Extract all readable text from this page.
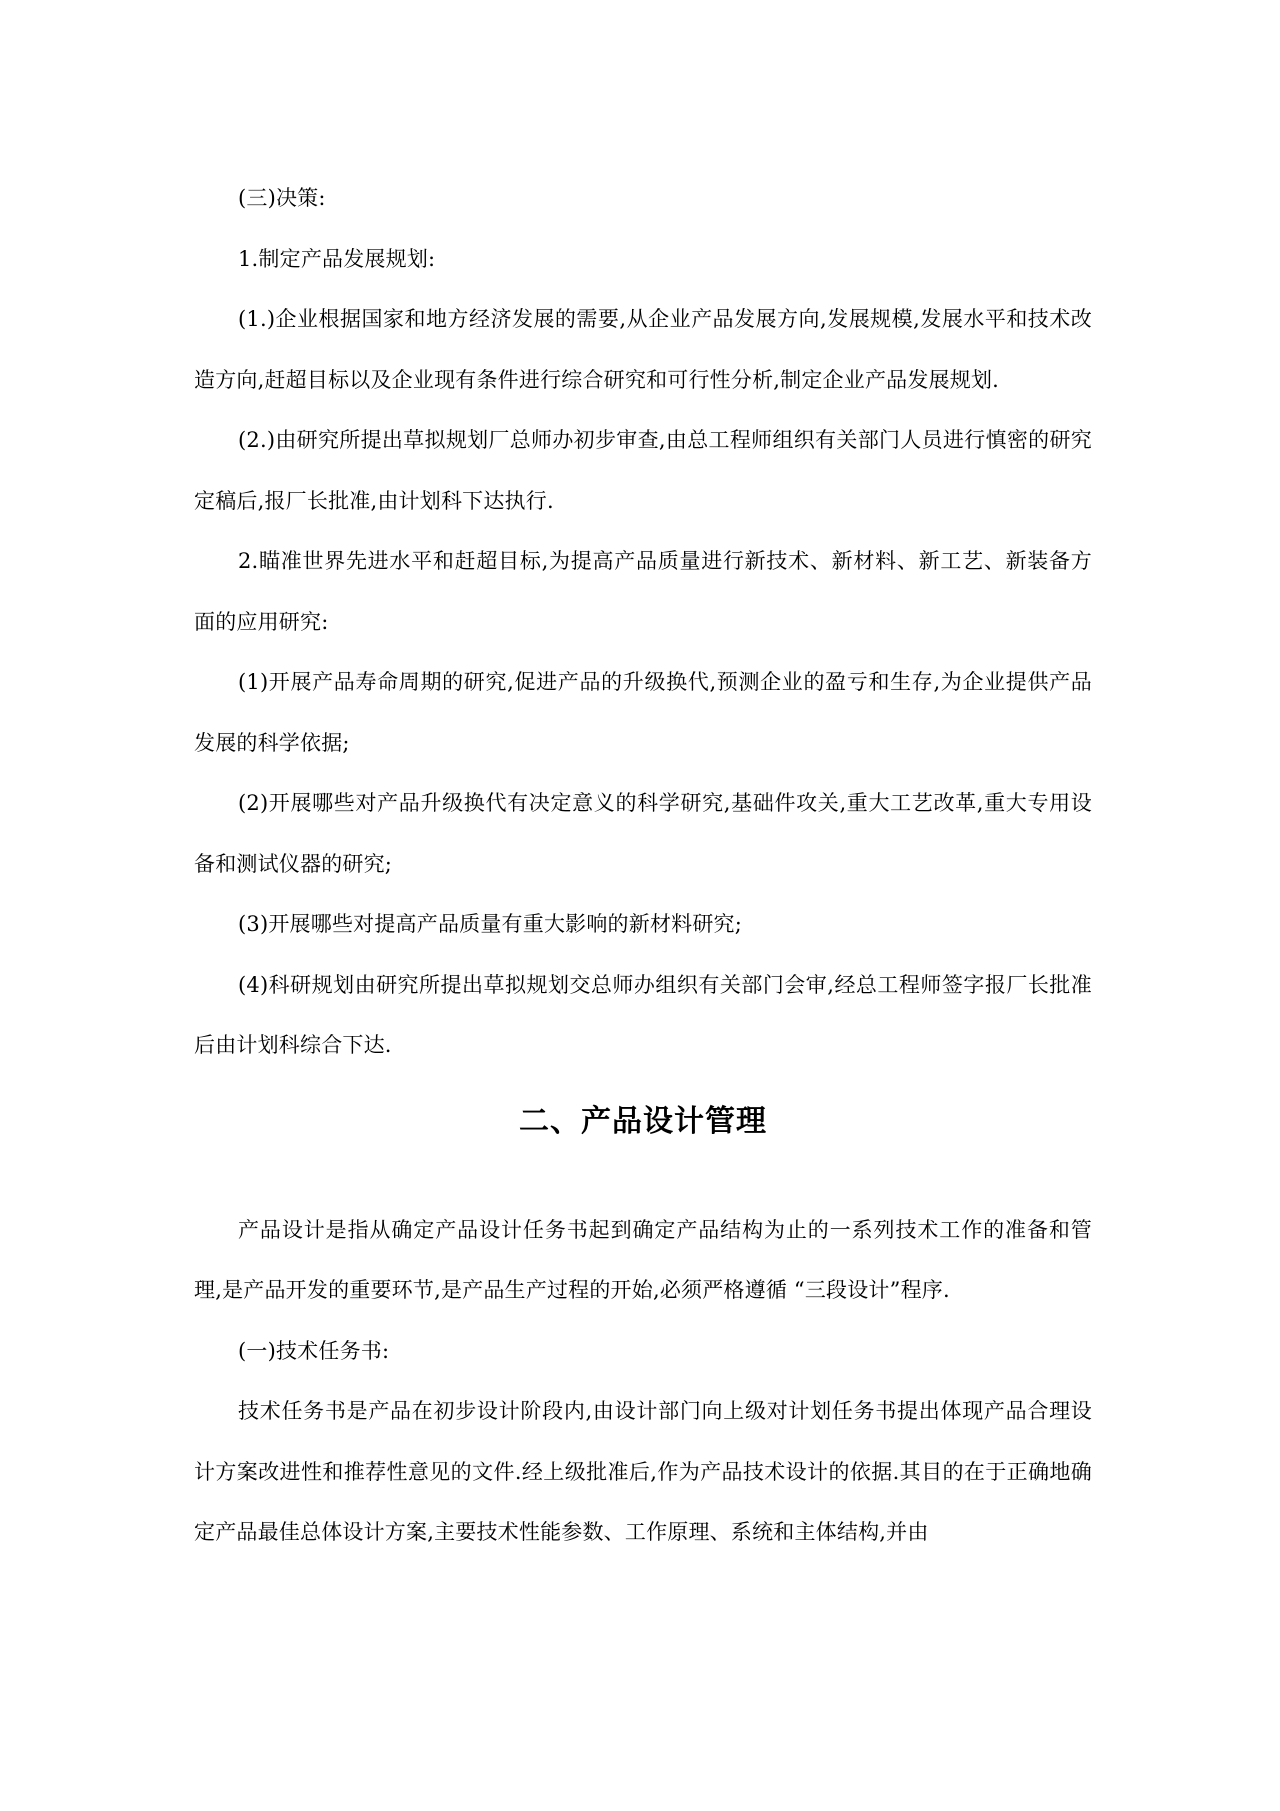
(三)决策:

1.制定产品发展规划:

(1.)企业根据国家和地方经济发展的需要,从企业产品发展方向,发展规模,发展水平和技术改造方向,赶超目标以及企业现有条件进行综合研究和可行性分析,制定企业产品发展规划.

(2.)由研究所提出草拟规划厂总师办初步审查,由总工程师组织有关部门人员进行慎密的研究定稿后,报厂长批准,由计划科下达执行.

2.瞄准世界先进水平和赶超目标,为提高产品质量进行新技术、新材料、新工艺、新装备方面的应用研究:

(1)开展产品寿命周期的研究,促进产品的升级换代,预测企业的盈亏和生存,为企业提供产品发展的科学依据;

(2)开展哪些对产品升级换代有决定意义的科学研究,基础件攻关,重大工艺改革,重大专用设备和测试仪器的研究;

(3)开展哪些对提高产品质量有重大影响的新材料研究;

(4)科研规划由研究所提出草拟规划交总师办组织有关部门会审,经总工程师签字报厂长批准后由计划科综合下达.

二、产品设计管理

产品设计是指从确定产品设计任务书起到确定产品结构为止的一系列技术工作的准备和管理,是产品开发的重要环节,是产品生产过程的开始,必须严格遵循 “三段设计”程序.

(一)技术任务书:

技术任务书是产品在初步设计阶段内,由设计部门向上级对计划任务书提出体现产品合理设计方案改进性和推荐性意见的文件.经上级批准后,作为产品技术设计的依据.其目的在于正确地确定产品最佳总体设计方案,主要技术性能参数、工作原理、系统和主体结构,并由
